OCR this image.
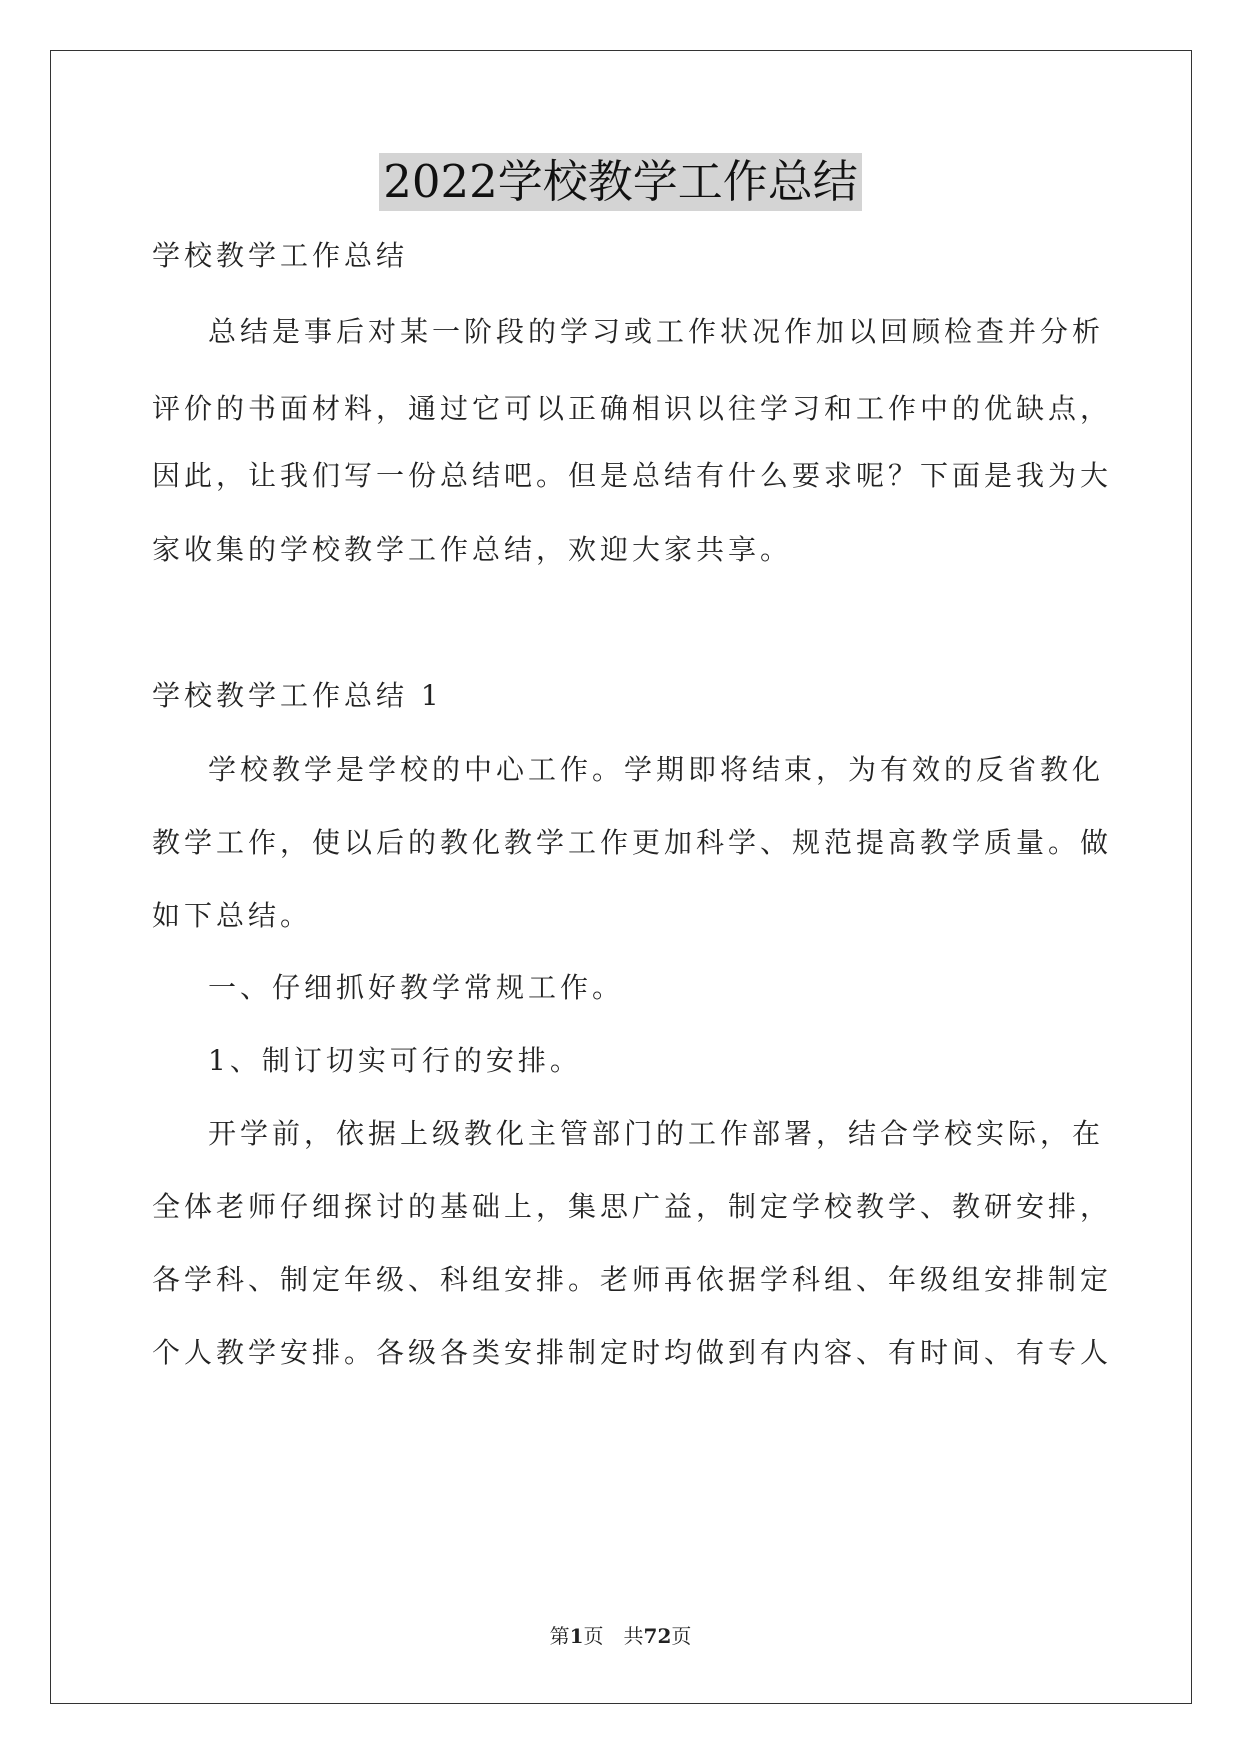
2022学校教学工作总结
学校教学工作总结
总结是事后对某一阶段的学习或工作状况作加以回顾检查并分析
评价的书面材料，通过它可以正确相识以往学习和工作中的优缺点，
因此，让我们写一份总结吧。但是总结有什么要求呢？下面是我为大
家收集的学校教学工作总结，欢迎大家共享。
学校教学工作总结 1
学校教学是学校的中心工作。学期即将结束，为有效的反省教化
教学工作，使以后的教化教学工作更加科学、规范提高教学质量。做
如下总结。
一、仔细抓好教学常规工作。
1、制订切实可行的安排。
开学前，依据上级教化主管部门的工作部署，结合学校实际，在
全体老师仔细探讨的基础上，集思广益，制定学校教学、教研安排，
各学科、制定年级、科组安排。老师再依据学科组、年级组安排制定
个人教学安排。各级各类安排制定时均做到有内容、有时间、有专人
第1页　共72页
